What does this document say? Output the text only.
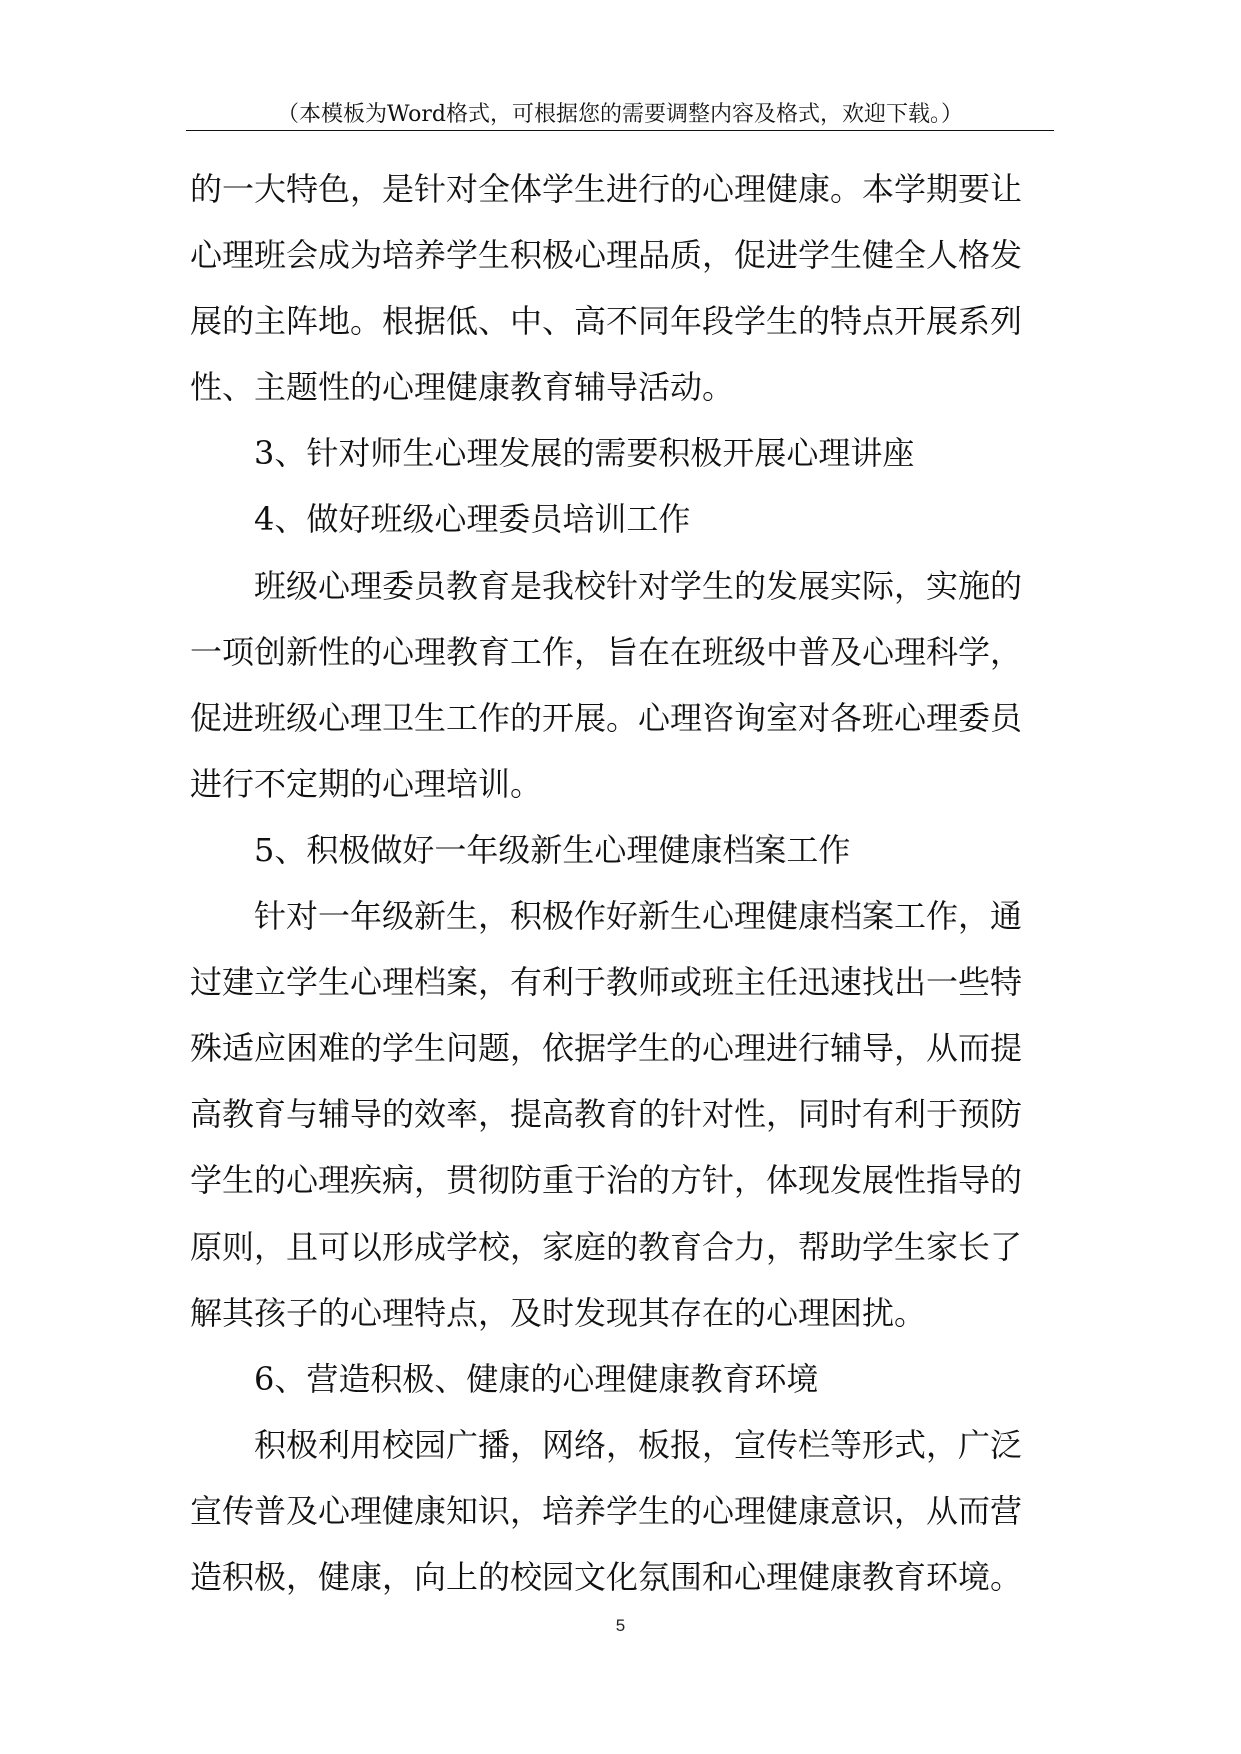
（本模板为Word格式，可根据您的需要调整内容及格式，欢迎下载。）
的一大特色，是针对全体学生进行的心理健康。本学期要让
心理班会成为培养学生积极心理品质，促进学生健全人格发
展的主阵地。根据低、中、高不同年段学生的特点开展系列
性、主题性的心理健康教育辅导活动。
3、针对师生心理发展的需要积极开展心理讲座
4、做好班级心理委员培训工作
班级心理委员教育是我校针对学生的发展实际，实施的
一项创新性的心理教育工作，旨在在班级中普及心理科学，
促进班级心理卫生工作的开展。心理咨询室对各班心理委员
进行不定期的心理培训。
5、积极做好一年级新生心理健康档案工作
针对一年级新生，积极作好新生心理健康档案工作，通
过建立学生心理档案，有利于教师或班主任迅速找出一些特
殊适应困难的学生问题，依据学生的心理进行辅导，从而提
高教育与辅导的效率，提高教育的针对性，同时有利于预防
学生的心理疾病，贯彻防重于治的方针，体现发展性指导的
原则，且可以形成学校，家庭的教育合力，帮助学生家长了
解其孩子的心理特点，及时发现其存在的心理困扰。
6、营造积极、健康的心理健康教育环境
积极利用校园广播，网络，板报，宣传栏等形式，广泛
宣传普及心理健康知识，培养学生的心理健康意识，从而营
造积极，健康，向上的校园文化氛围和心理健康教育环境。
5
